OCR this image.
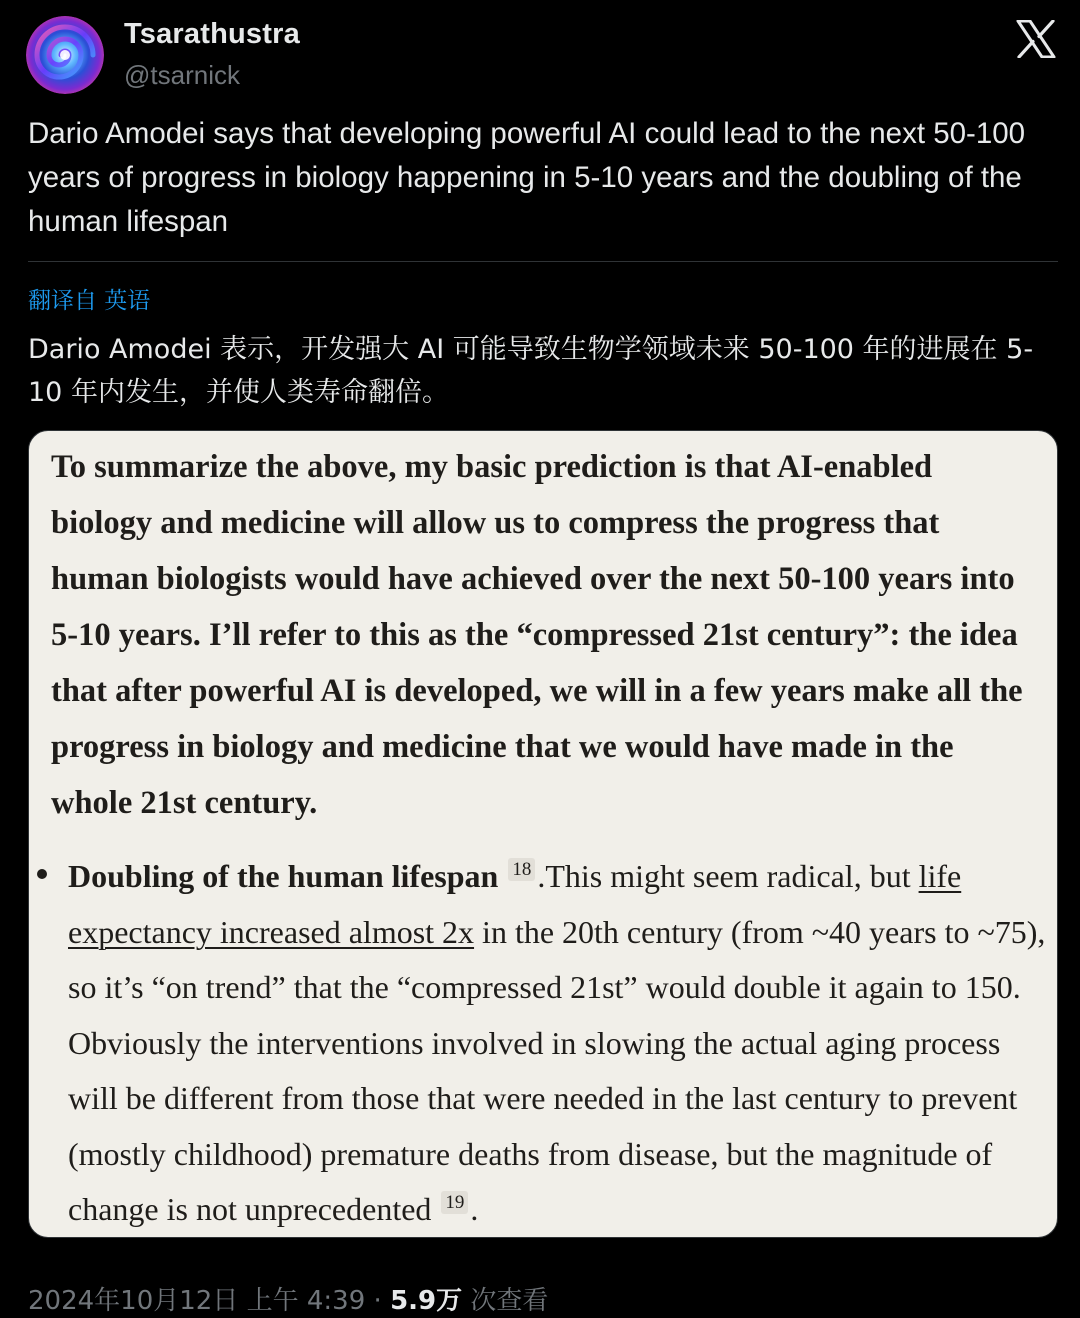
Tsarathustra
@tsarnick

Dario Amodei says that developing powerful AI could lead to the next 50-100 years of progress in biology happening in 5-10 years and the doubling of the human lifespan

翻译自 英语

Dario Amodei 表示，开发强大 AI 可能导致生物学领域未来 50-100 年的进展在 5-10 年内发生，并使人类寿命翻倍。

To summarize the above, my basic prediction is that AI-enabled biology and medicine will allow us to compress the progress that human biologists would have achieved over the next 50-100 years into 5-10 years. I’ll refer to this as the “compressed 21st century”: the idea that after powerful AI is developed, we will in a few years make all the progress in biology and medicine that we would have made in the whole 21st century.

Doubling of the human lifespan $^{18}$ .This might seem radical, but life expectancy increased almost 2x in the 20th century (from ~40 years to ~75), so it’s “on trend” that the “compressed 21st” would double it again to 150. Obviously the interventions involved in slowing the actual aging process will be different from those that were needed in the last century to prevent (mostly childhood) premature deaths from disease, but the magnitude of change is not unprecedented $^{19}$ .

2024年10月12日 上午 4:39 · 5.9万 次查看
